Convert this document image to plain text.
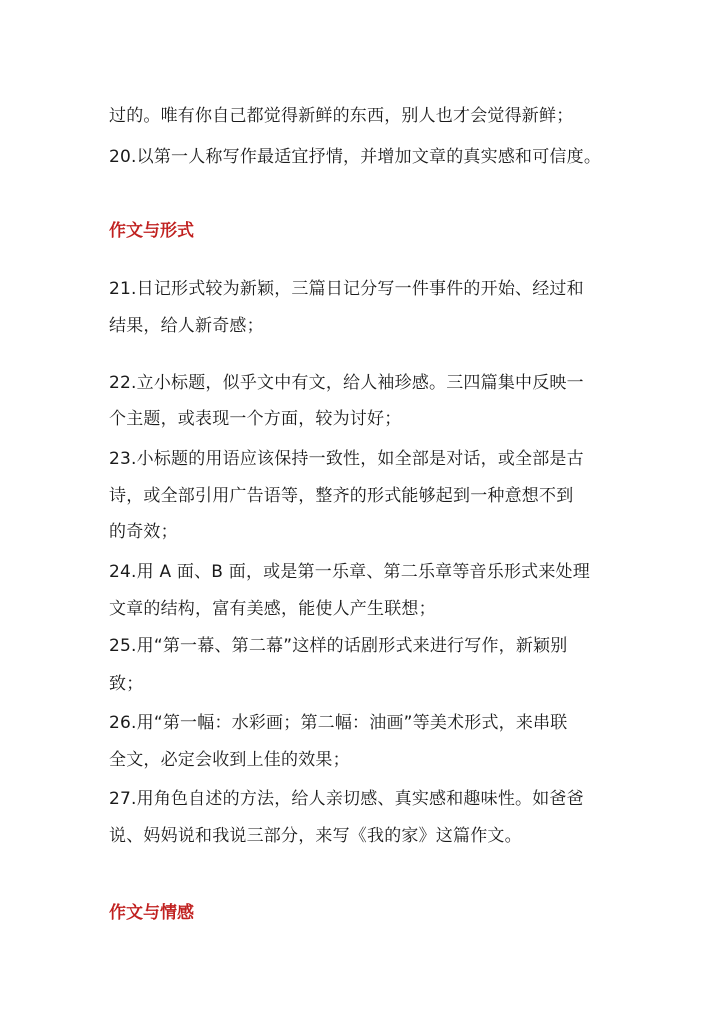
过的。唯有你自己都觉得新鲜的东西，别人也才会觉得新鲜；

20.以第一人称写作最适宜抒情，并增加文章的真实感和可信度。

作文与形式

21.日记形式较为新颖，三篇日记分写一件事件的开始、经过和

结果，给人新奇感；

22.立小标题，似乎文中有文，给人袖珍感。三四篇集中反映一

个主题，或表现一个方面，较为讨好；

23.小标题的用语应该保持一致性，如全部是对话，或全部是古

诗，或全部引用广告语等，整齐的形式能够起到一种意想不到

的奇效；

24.用 A 面、B 面，或是第一乐章、第二乐章等音乐形式来处理

文章的结构，富有美感，能使人产生联想；

25.用“第一幕、第二幕”这样的话剧形式来进行写作，新颖别

致；

26.用“第一幅：水彩画；第二幅：油画”等美术形式，来串联

全文，必定会收到上佳的效果；

27.用角色自述的方法，给人亲切感、真实感和趣味性。如爸爸

说、妈妈说和我说三部分，来写《我的家》这篇作文。

作文与情感
